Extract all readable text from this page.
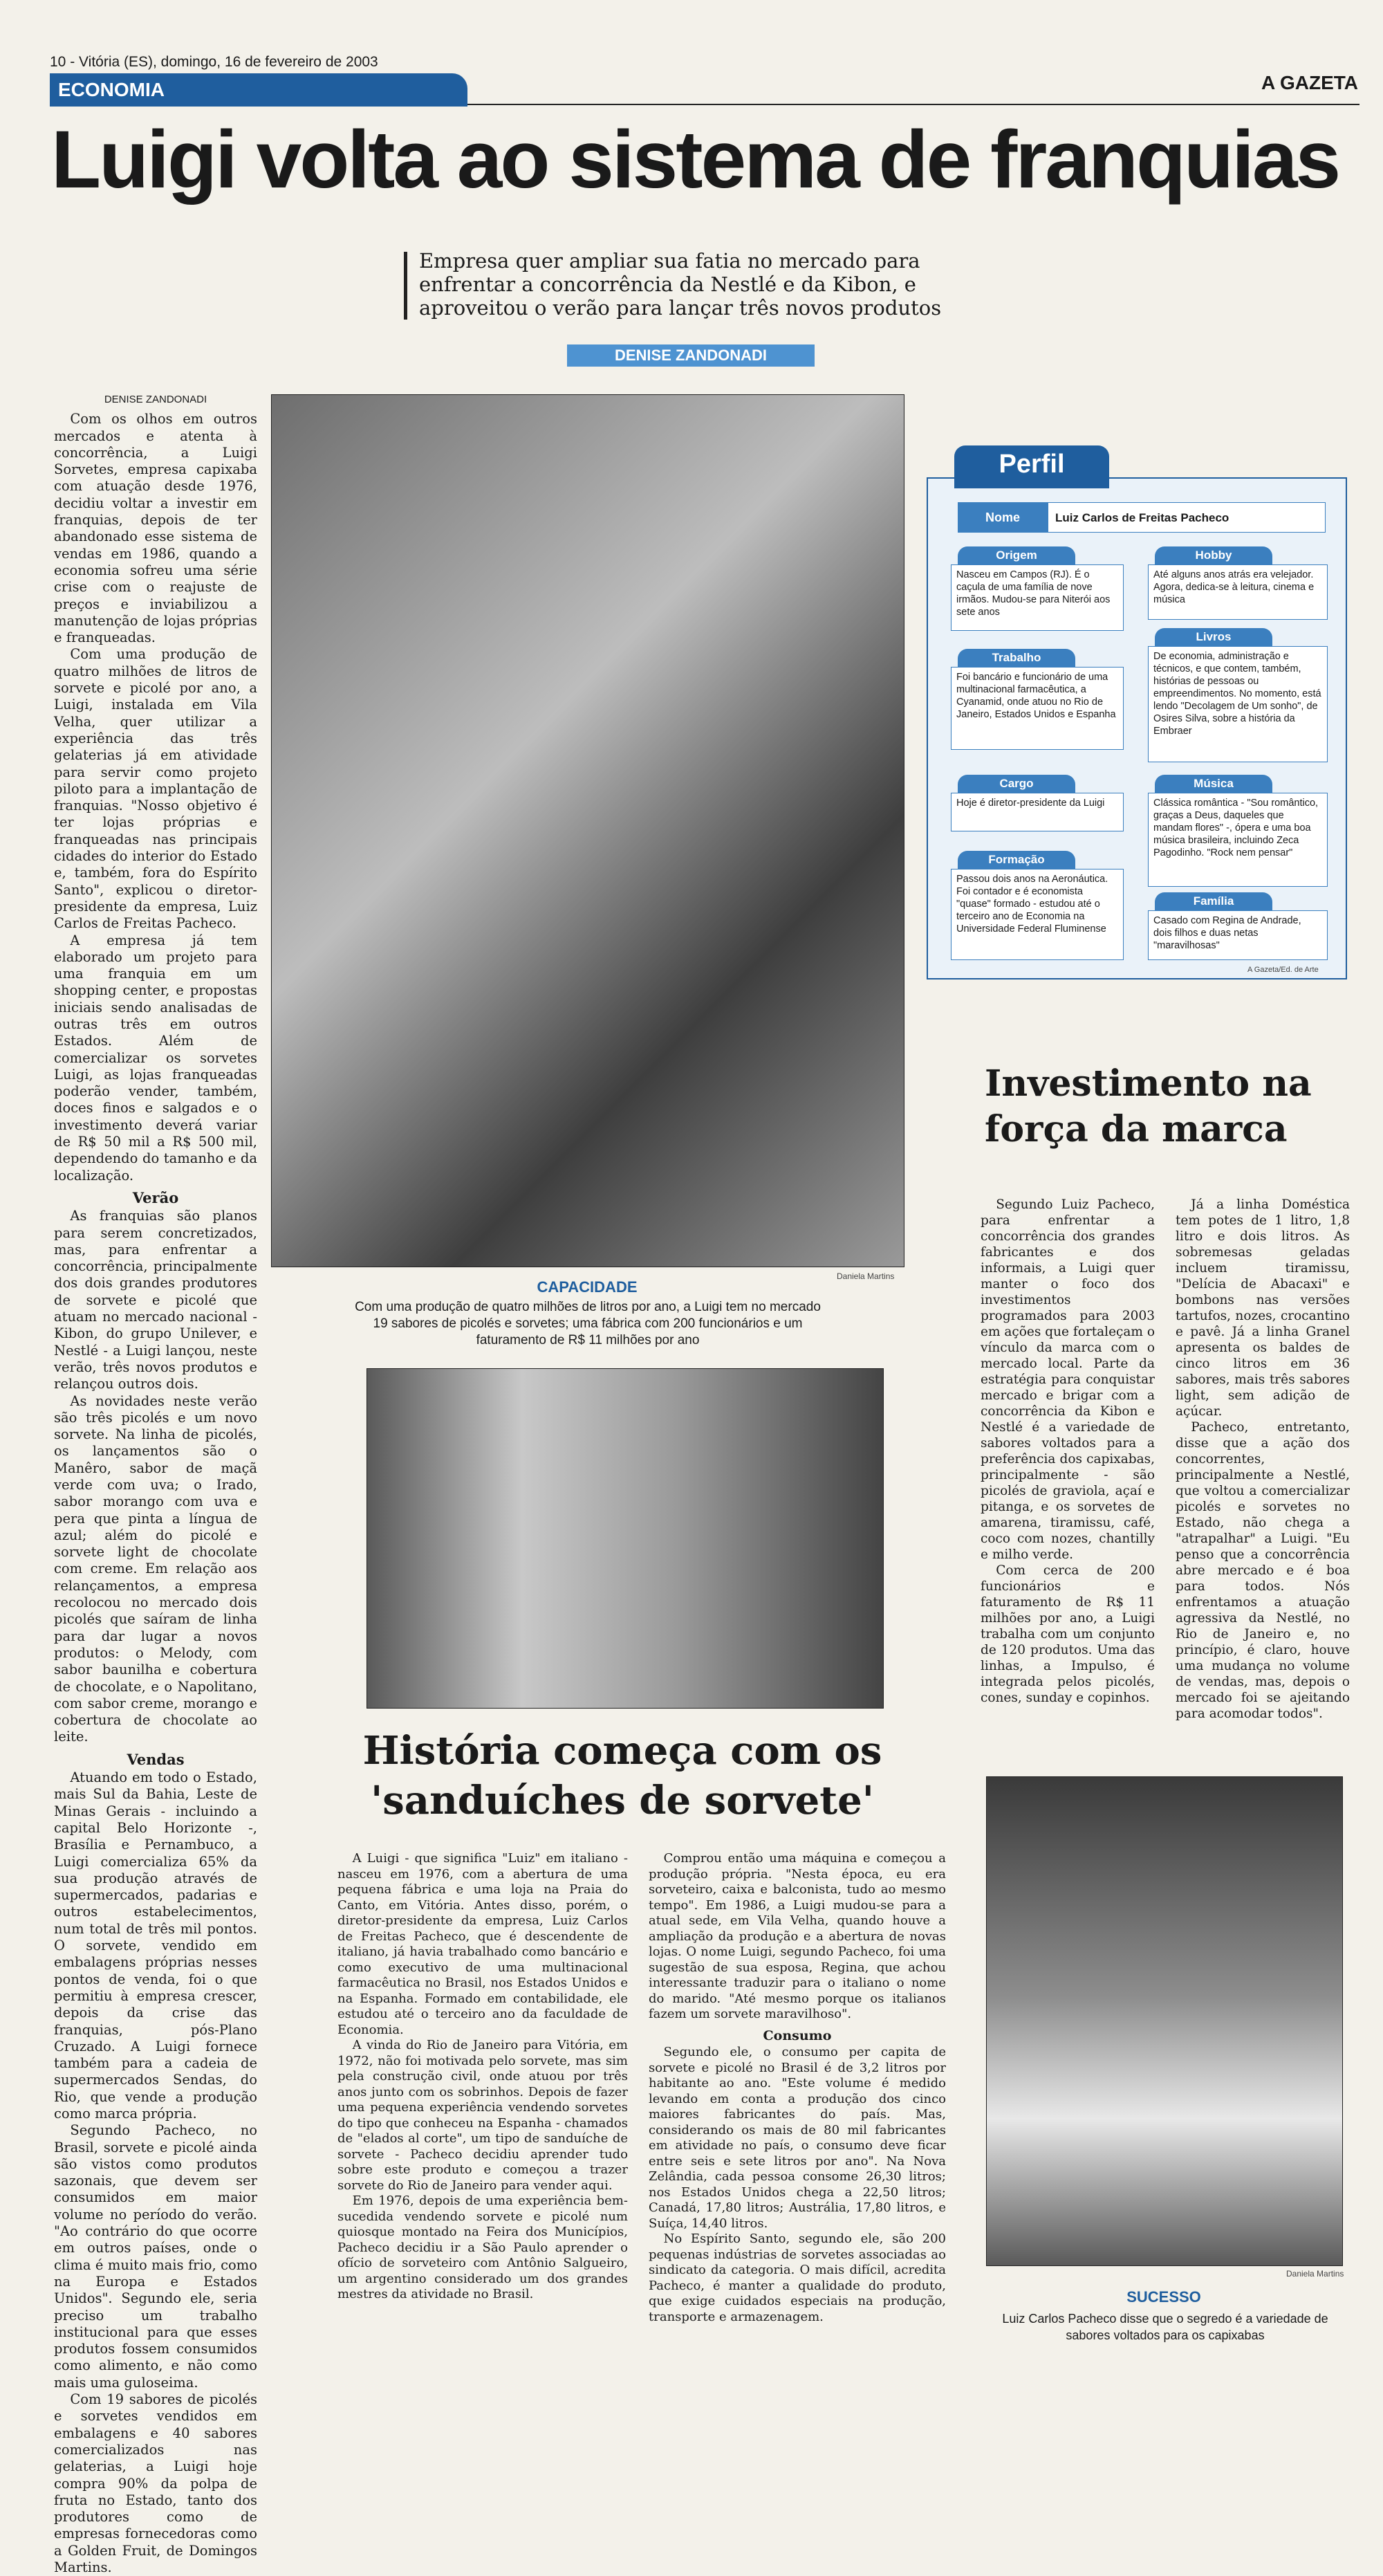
10 - Vitória (ES), domingo, 16 de fevereiro de 2003
ECONOMIA	A GAZETA
Luigi volta ao sistema de franquias
Empresa quer ampliar sua fatia no mercado para enfrentar a concorrência da Nestlé e da Kibon, e aproveitou o verão para lançar três novos produtos
DENISE ZANDONADI
Daniela Martins
CAPACIDADE
Com uma produção de quatro milhões de litros por ano, a Luigi tem no mercado 19 sabores de picolés e sorvetes; uma fábrica com 200 funcionários e um faturamento de R$ 11 milhões por ano
DENISE ZANDONADI

Com os olhos em outros mercados e atenta à concorrência, a Luigi Sorvetes, empresa capixaba com atuação desde 1976, decidiu voltar a investir em franquias, depois de ter abandonado esse sistema de vendas em 1986, quando a economia sofreu uma série crise com o reajuste de preços e inviabilizou a manutenção de lojas próprias e franqueadas.

Com uma produção de quatro milhões de litros de sorvete e picolé por ano, a Luigi, instalada em Vila Velha, quer utilizar a experiência das três gelaterias já em atividade para servir como projeto piloto para a implantação de franquias. "Nosso objetivo é ter lojas próprias e franqueadas nas principais cidades do interior do Estado e, também, fora do Espírito Santo", explicou o diretor-presidente da empresa, Luiz Carlos de Freitas Pacheco.

A empresa já tem elaborado um projeto para uma franquia em um shopping center, e propostas iniciais sendo analisadas de outras três em outros Estados. Além de comercializar os sorvetes Luigi, as lojas franqueadas poderão vender, também, doces finos e salgados e o investimento deverá variar de R$ 50 mil a R$ 500 mil, dependendo do tamanho e da localização.

Verão

As franquias são planos para serem concretizados, mas, para enfrentar a concorrência, principalmente dos dois grandes produtores de sorvete e picolé que atuam no mercado nacional - Kibon, do grupo Unilever, e Nestlé - a Luigi lançou, neste verão, três novos produtos e relançou outros dois.

As novidades neste verão são três picolés e um novo sorvete. Na linha de picolés, os lançamentos são o Manêro, sabor de maçã verde com uva; o Irado, sabor morango com uva e pera que pinta a língua de azul; além do picolé e sorvete light de chocolate com creme. Em relação aos relançamentos, a empresa recolocou no mercado dois picolés que saíram de linha para dar lugar a novos produtos: o Melody, com sabor baunilha e cobertura de chocolate, e o Napolitano, com sabor creme, morango e cobertura de chocolate ao leite.

Vendas

Atuando em todo o Estado, mais Sul da Bahia, Leste de Minas Gerais - incluindo a capital Belo Horizonte -, Brasília e Pernambuco, a Luigi comercializa 65% da sua produção através de supermercados, padarias e outros estabelecimentos, num total de três mil pontos. O sorvete, vendido em embalagens próprias nesses pontos de venda, foi o que permitiu à empresa crescer, depois da crise das franquias, pós-Plano Cruzado. A Luigi fornece também para a cadeia de supermercados Sendas, do Rio, que vende a produção como marca própria.

Segundo Pacheco, no Brasil, sorvete e picolé ainda são vistos como produtos sazonais, que devem ser consumidos em maior volume no período do verão. "Ao contrário do que ocorre em outros países, onde o clima é muito mais frio, como na Europa e Estados Unidos". Segundo ele, seria preciso um trabalho institucional para que esses produtos fossem consumidos como alimento, e não como mais uma guloseima.

Com 19 sabores de picolés e sorvetes vendidos em embalagens e 40 sabores comercializados nas gelaterias, a Luigi hoje compra 90% da polpa de fruta no Estado, tanto dos produtores como de empresas fornecedoras como a Golden Fruit, de Domingos Martins.

Perfil
Nome	Luiz Carlos de Freitas Pacheco
Origem
Nasceu em Campos (RJ). É o caçula de uma família de nove irmãos. Mudou-se para Niterói aos sete anos
Trabalho
Foi bancário e funcionário de uma multinacional farmacêutica, a Cyanamid, onde atuou no Rio de Janeiro, Estados Unidos e Espanha
Cargo
Hoje é diretor-presidente da Luigi
Formação
Passou dois anos na Aeronáutica. Foi contador e é economista "quase" formado - estudou até o terceiro ano de Economia na Universidade Federal Fluminense
Hobby
Até alguns anos atrás era velejador. Agora, dedica-se à leitura, cinema e música
Livros
De economia, administração e técnicos, e que contem, também, histórias de pessoas ou empreendimentos. No momento, está lendo "Decolagem de Um sonho", de Osires Silva, sobre a história da Embraer
Música
Clássica romântica - "Sou romântico, graças a Deus, daqueles que mandam flores" -, ópera e uma boa música brasileira, incluindo Zeca Pagodinho. "Rock nem pensar"
Família
Casado com Regina de Andrade, dois filhos e duas netas "maravilhosas"
A Gazeta/Ed. de Arte
Investimento na força da marca

Segundo Luiz Pacheco, para enfrentar a concorrência dos grandes fabricantes e dos informais, a Luigi quer manter o foco dos investimentos programados para 2003 em ações que fortaleçam o vínculo da marca com o mercado local. Parte da estratégia para conquistar mercado e brigar com a concorrência da Kibon e Nestlé é a variedade de sabores voltados para a preferência dos capixabas, principalmente - são picolés de graviola, açaí e pitanga, e os sorvetes de amarena, tiramissu, café, coco com nozes, chantilly e milho verde.

Com cerca de 200 funcionários e faturamento de R$ 11 milhões por ano, a Luigi trabalha com um conjunto de 120 produtos. Uma das linhas, a Impulso, é integrada pelos picolés, cones, sunday e copinhos.

Já a linha Doméstica tem potes de 1 litro, 1,8 litro e dois litros. As sobremesas geladas incluem tiramissu, "Delícia de Abacaxi" e bombons nas versões tartufos, nozes, crocantino e pavê. Já a linha Granel apresenta os baldes de cinco litros em 36 sabores, mais três sabores light, sem adição de açúcar.

Pacheco, entretanto, disse que a ação dos concorrentes, principalmente a Nestlé, que voltou a comercializar picolés e sorvetes no Estado, não chega a "atrapalhar" a Luigi. "Eu penso que a concorrência abre mercado e é boa para todos. Nós enfrentamos a atuação agressiva da Nestlé, no Rio de Janeiro e, no princípio, é claro, houve uma mudança no volume de vendas, mas, depois o mercado foi se ajeitando para acomodar todos".

História começa com os
'sanduíches de sorvete'

A Luigi - que significa "Luiz" em italiano - nasceu em 1976, com a abertura de uma pequena fábrica e uma loja na Praia do Canto, em Vitória. Antes disso, porém, o diretor-presidente da empresa, Luiz Carlos de Freitas Pacheco, que é descendente de italiano, já havia trabalhado como bancário e como executivo de uma multinacional farmacêutica no Brasil, nos Estados Unidos e na Espanha. Formado em contabilidade, ele estudou até o terceiro ano da faculdade de Economia.

A vinda do Rio de Janeiro para Vitória, em 1972, não foi motivada pelo sorvete, mas sim pela construção civil, onde atuou por três anos junto com os sobrinhos. Depois de fazer uma pequena experiência vendendo sorvetes do tipo que conheceu na Espanha - chamados de "elados al corte", um tipo de sanduíche de sorvete - Pacheco decidiu aprender tudo sobre este produto e começou a trazer sorvete do Rio de Janeiro para vender aqui.

Em 1976, depois de uma experiência bem-sucedida vendendo sorvete e picolé num quiosque montado na Feira dos Municípios, Pacheco decidiu ir a São Paulo aprender o ofício de sorveteiro com Antônio Salgueiro, um argentino considerado um dos grandes mestres da atividade no Brasil.

Comprou então uma máquina e começou a produção própria. "Nesta época, eu era sorveteiro, caixa e balconista, tudo ao mesmo tempo". Em 1986, a Luigi mudou-se para a atual sede, em Vila Velha, quando houve a ampliação da produção e a abertura de novas lojas. O nome Luigi, segundo Pacheco, foi uma sugestão de sua esposa, Regina, que achou interessante traduzir para o italiano o nome do marido. "Até mesmo porque os italianos fazem um sorvete maravilhoso".

Consumo

Segundo ele, o consumo per capita de sorvete e picolé no Brasil é de 3,2 litros por habitante ao ano. "Este volume é medido levando em conta a produção dos cinco maiores fabricantes do país. Mas, considerando os mais de 80 mil fabricantes em atividade no país, o consumo deve ficar entre seis e sete litros por ano". Na Nova Zelândia, cada pessoa consome 26,30 litros; nos Estados Unidos chega a 22,50 litros; Canadá, 17,80 litros; Austrália, 17,80 litros, e Suíça, 14,40 litros.

No Espírito Santo, segundo ele, são 200 pequenas indústrias de sorvetes associadas ao sindicato da categoria. O mais difícil, acredita Pacheco, é manter a qualidade do produto, que exige cuidados especiais na produção, transporte e armazenagem.

Daniela Martins
SUCESSO
Luiz Carlos Pacheco disse que o segredo é a variedade de sabores voltados para os capixabas
